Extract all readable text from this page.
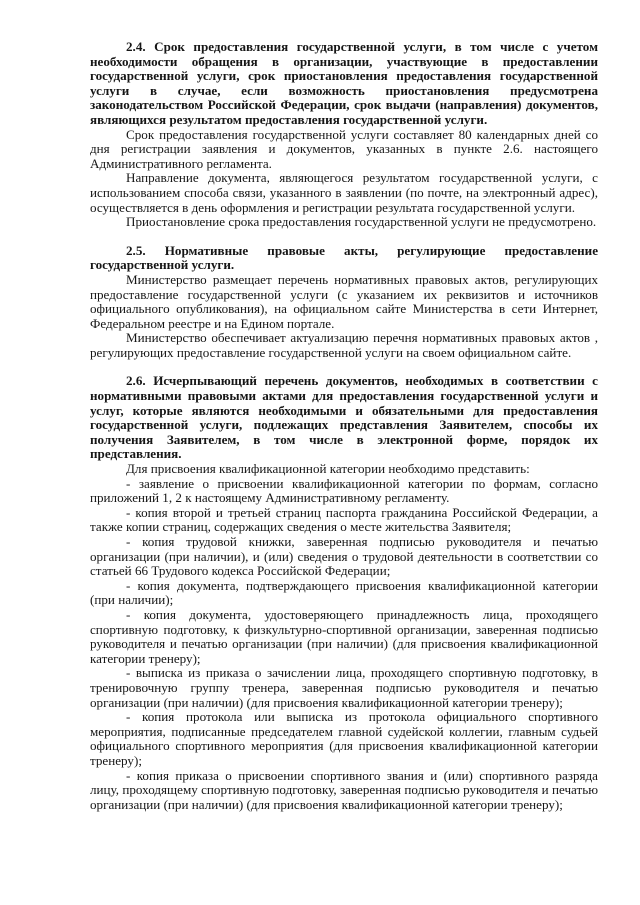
2.4. Срок предоставления государственной услуги, в том числе с учетом необходимости обращения в организации, участвующие в предоставлении государственной услуги, срок приостановления предоставления государственной услуги в случае, если возможность приостановления предусмотрена законодательством Российской Федерации, срок выдачи (направления) документов, являющихся результатом предоставления государственной услуги.

Срок предоставления государственной услуги составляет 80 календарных дней со дня регистрации заявления и документов, указанных в пункте 2.6. настоящего Административного регламента.

Направление документа, являющегося результатом государственной услуги, с использованием способа связи, указанного в заявлении (по почте, на электронный адрес), осуществляется в день оформления и регистрации результата государственной услуги.

Приостановление срока предоставления государственной услуги не предусмотрено.

2.5. Нормативные правовые акты, регулирующие предоставление государственной услуги.

Министерство размещает перечень нормативных правовых актов, регулирующих предоставление государственной услуги (с указанием их реквизитов и источников официального опубликования), на официальном сайте Министерства в сети Интернет, Федеральном реестре и на Едином портале.

Министерство обеспечивает актуализацию перечня нормативных правовых актов , регулирующих предоставление государственной услуги на своем официальном сайте.

2.6. Исчерпывающий перечень документов, необходимых в соответствии с нормативными правовыми актами для предоставления государственной услуги и услуг, которые являются необходимыми и обязательными для предоставления государственной услуги, подлежащих представления Заявителем, способы их получения Заявителем, в том числе в электронной форме, порядок их представления.

Для присвоения квалификационной категории необходимо представить:

- заявление о присвоении квалификационной категории по формам, согласно приложений 1, 2 к настоящему Административному регламенту.

- копия второй и третьей страниц паспорта гражданина Российской Федерации, а также копии страниц, содержащих сведения о месте жительства Заявителя;

- копия трудовой книжки, заверенная подписью руководителя и печатью организации (при наличии), и (или) сведения о трудовой деятельности в соответствии со статьей 66 Трудового кодекса Российской Федерации;

- копия документа, подтверждающего присвоения квалификационной категории (при наличии);

- копия документа, удостоверяющего принадлежность лица, проходящего спортивную подготовку, к физкультурно-спортивной организации, заверенная подписью руководителя и печатью организации (при наличии) (для присвоения квалификационной категории тренеру);

- выписка из приказа о зачислении лица, проходящего спортивную подготовку, в тренировочную группу тренера, заверенная подписью руководителя и печатью организации (при наличии) (для присвоения квалификационной категории тренеру);

- копия протокола или выписка из протокола официального спортивного мероприятия, подписанные председателем главной судейской коллегии, главным судьей официального спортивного мероприятия (для присвоения квалификационной категории тренеру);

- копия приказа о присвоении спортивного звания и (или) спортивного разряда лицу, проходящему спортивную подготовку, заверенная подписью руководителя и печатью организации (при наличии) (для присвоения квалификационной категории тренеру);
